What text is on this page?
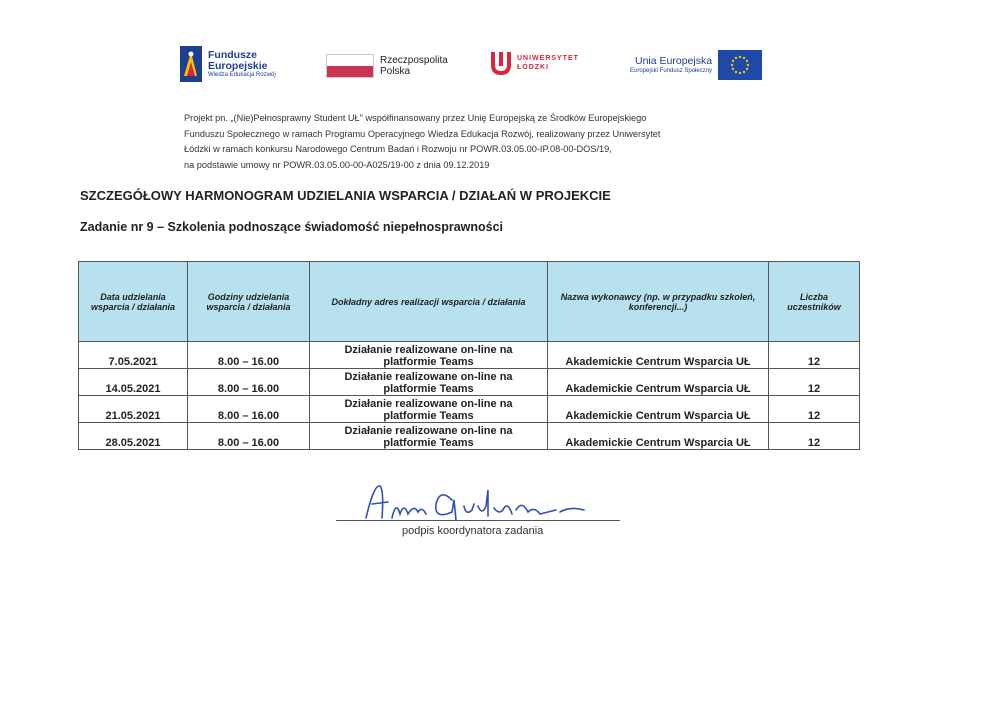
Fundusze
Europejskie
Wiedza Edukacja Rozwój
Rzeczpospolita
Polska
UNIWERSYTET
ŁÓDZKI
Unia Europejska
Europejski Fundusz Społeczny

Projekt pn. „(Nie)Pełnosprawny Student UŁ" współfinansowany przez Unię Europejską ze Środków Europejskiego

Funduszu Społecznego w ramach Programu Operacyjnego Wiedza Edukacja Rozwój, realizowany przez Uniwersytet

Łódzki w ramach konkursu Narodowego Centrum Badań i Rozwoju nr POWR.03.05.00-IP.08-00-DOS/19,

na podstawie umowy nr POWR.03.05.00-00-A025/19-00 z dnia 09.12.2019

SZCZEGÓŁOWY HARMONOGRAM UDZIELANIA WSPARCIA / DZIAŁAŃ W PROJEKCIE
Zadanie nr 9 – Szkolenia podnoszące świadomość niepełnosprawności
Data udzielania wsparcia / działania	Godziny udzielania wsparcia / działania	Dokładny adres realizacji wsparcia / działania	Nazwa wykonawcy (np. w przypadku szkoleń, konferencji...)	Liczba uczestników
7.05.2021	8.00 – 16.00	Działanie realizowane on-line na
platformie Teams	Akademickie Centrum Wsparcia UŁ	12
14.05.2021	8.00 – 16.00	Działanie realizowane on-line na
platformie Teams	Akademickie Centrum Wsparcia UŁ	12
21.05.2021	8.00 – 16.00	Działanie realizowane on-line na
platformie Teams	Akademickie Centrum Wsparcia UŁ	12
28.05.2021	8.00 – 16.00	Działanie realizowane on-line na
platformie Teams	Akademickie Centrum Wsparcia UŁ	12
podpis koordynatora zadania
